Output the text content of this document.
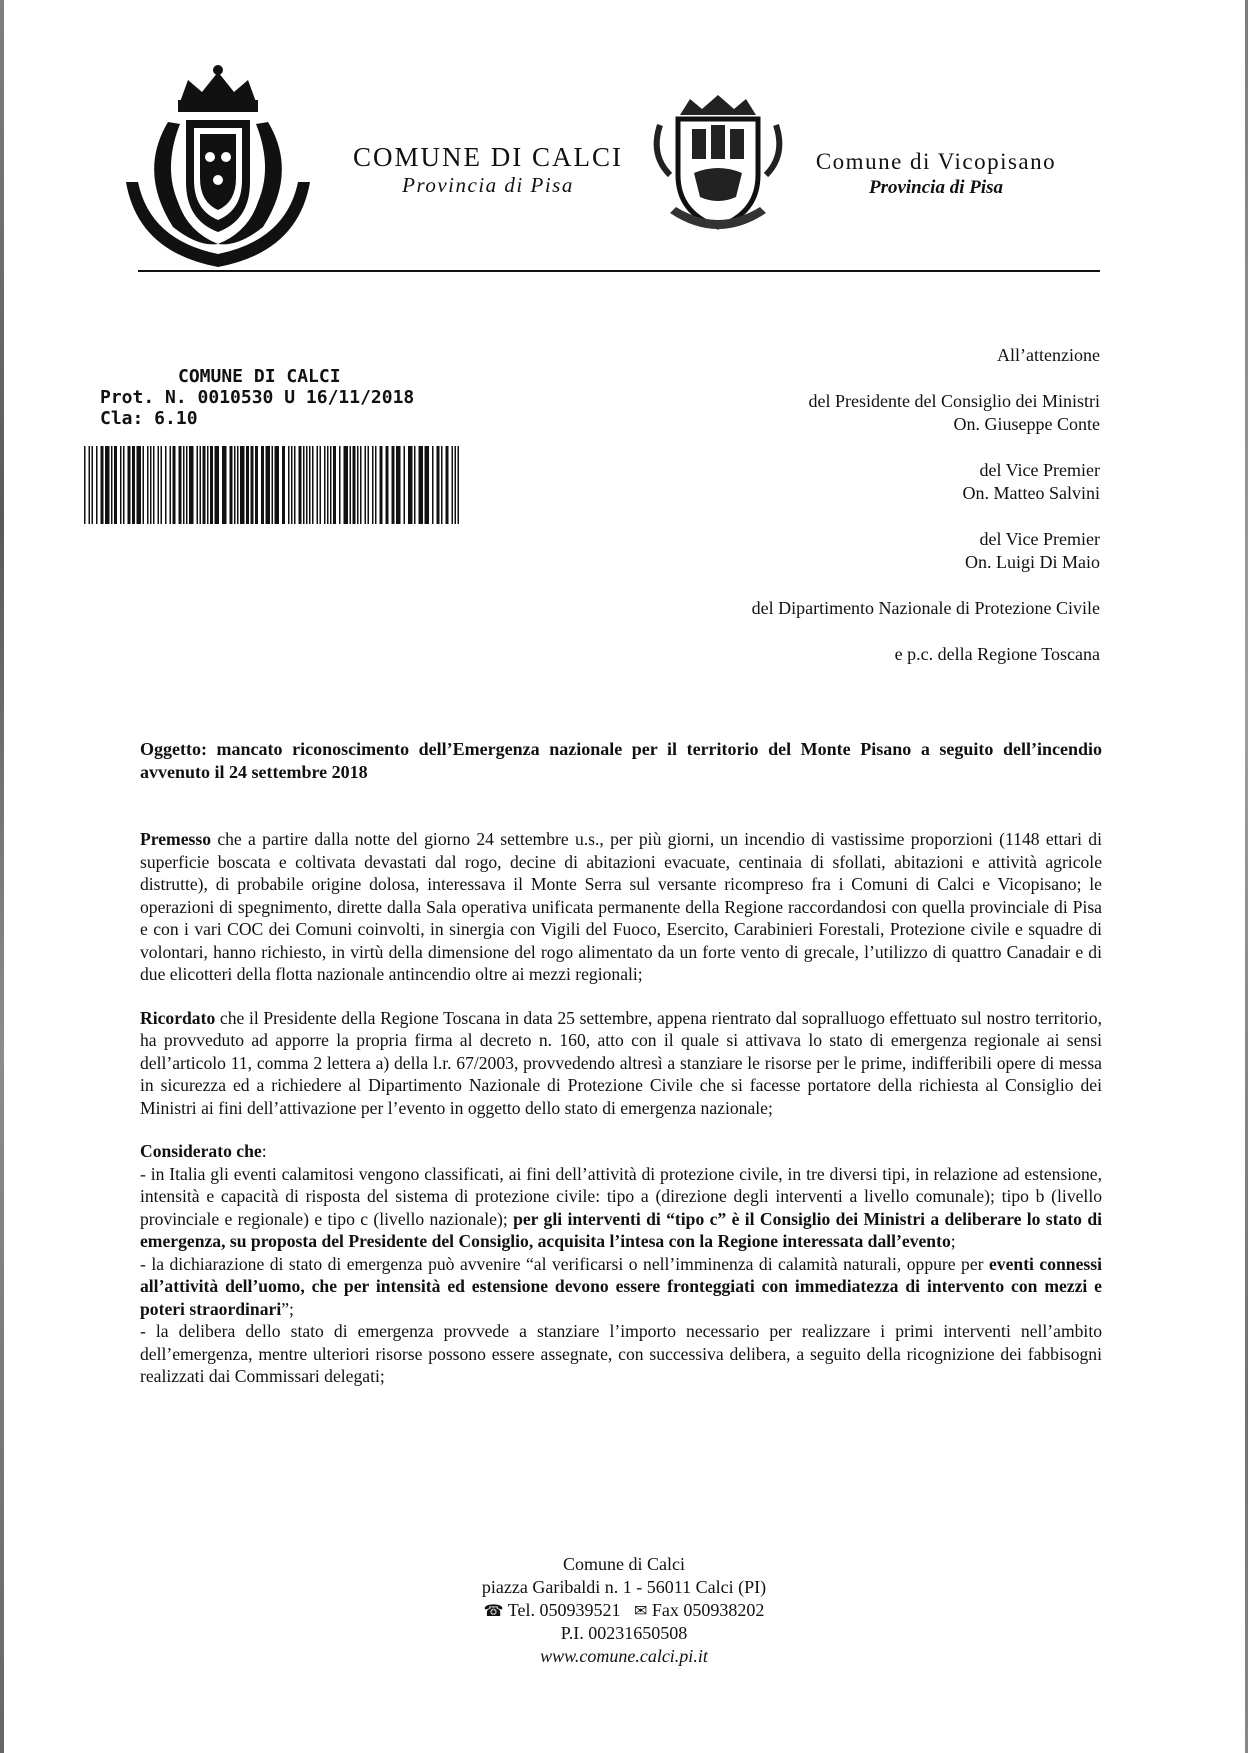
COMUNE DI CALCI
Provincia di Pisa
Comune di Vicopisano
Provincia di Pisa
COMUNE DI CALCI
Prot. N. 0010530 U 16/11/2018
Cla: 6.10
All’attenzione
del Presidente del Consiglio dei Ministri
On. Giuseppe Conte
del Vice Premier
On. Matteo Salvini
del Vice Premier
On. Luigi Di Maio
del Dipartimento Nazionale di Protezione Civile
e p.c. della Regione Toscana
Oggetto: mancato riconoscimento dell’Emergenza nazionale per il territorio del Monte Pisano a seguito dell’incendio avvenuto il 24 settembre 2018

Premesso che a partire dalla notte del giorno 24 settembre u.s., per più giorni, un incendio di vastissime proporzioni (1148 ettari di superficie boscata e coltivata devastati dal rogo, decine di abitazioni evacuate, centinaia di sfollati, abitazioni e attività agricole distrutte), di probabile origine dolosa, interessava il Monte Serra sul versante ricompreso fra i Comuni di Calci e Vicopisano; le operazioni di spegnimento, dirette dalla Sala operativa unificata permanente della Regione raccordandosi con quella provinciale di Pisa e con i vari COC dei Comuni coinvolti, in sinergia con Vigili del Fuoco, Esercito, Carabinieri Forestali, Protezione civile e squadre di volontari, hanno richiesto, in virtù della dimensione del rogo alimentato da un forte vento di grecale, l’utilizzo di quattro Canadair e di due elicotteri della flotta nazionale antincendio oltre ai mezzi regionali;

Ricordato che il Presidente della Regione Toscana in data 25 settembre, appena rientrato dal sopralluogo effettuato sul nostro territorio, ha provveduto ad apporre la propria firma al decreto n. 160, atto con il quale si attivava lo stato di emergenza regionale ai sensi dell’articolo 11, comma 2 lettera a) della l.r. 67/2003, provvedendo altresì a stanziare le risorse per le prime, indifferibili opere di messa in sicurezza ed a richiedere al Dipartimento Nazionale di Protezione Civile che si facesse portatore della richiesta al Consiglio dei Ministri ai fini dell’attivazione per l’evento in oggetto dello stato di emergenza nazionale;

Considerato che:
- in Italia gli eventi calamitosi vengono classificati, ai fini dell’attività di protezione civile, in tre diversi tipi, in relazione ad estensione, intensità e capacità di risposta del sistema di protezione civile: tipo a (direzione degli interventi a livello comunale); tipo b (livello provinciale e regionale) e tipo c (livello nazionale); per gli interventi di “tipo c” è il Consiglio dei Ministri a deliberare lo stato di emergenza, su proposta del Presidente del Consiglio, acquisita l’intesa con la Regione interessata dall’evento;
- la dichiarazione di stato di emergenza può avvenire “al verificarsi o nell’imminenza di calamità naturali, oppure per eventi connessi all’attività dell’uomo, che per intensità ed estensione devono essere fronteggiati con immediatezza di intervento con mezzi e poteri straordinari”;
- la delibera dello stato di emergenza provvede a stanziare l’importo necessario per realizzare i primi interventi nell’ambito dell’emergenza, mentre ulteriori risorse possono essere assegnate, con successiva delibera, a seguito della ricognizione dei fabbisogni realizzati dai Commissari delegati;

Comune di Calci
piazza Garibaldi n. 1 - 56011 Calci (PI)
☎ Tel. 050939521 ✉ Fax 050938202
P.I. 00231650508
www.comune.calci.pi.it
